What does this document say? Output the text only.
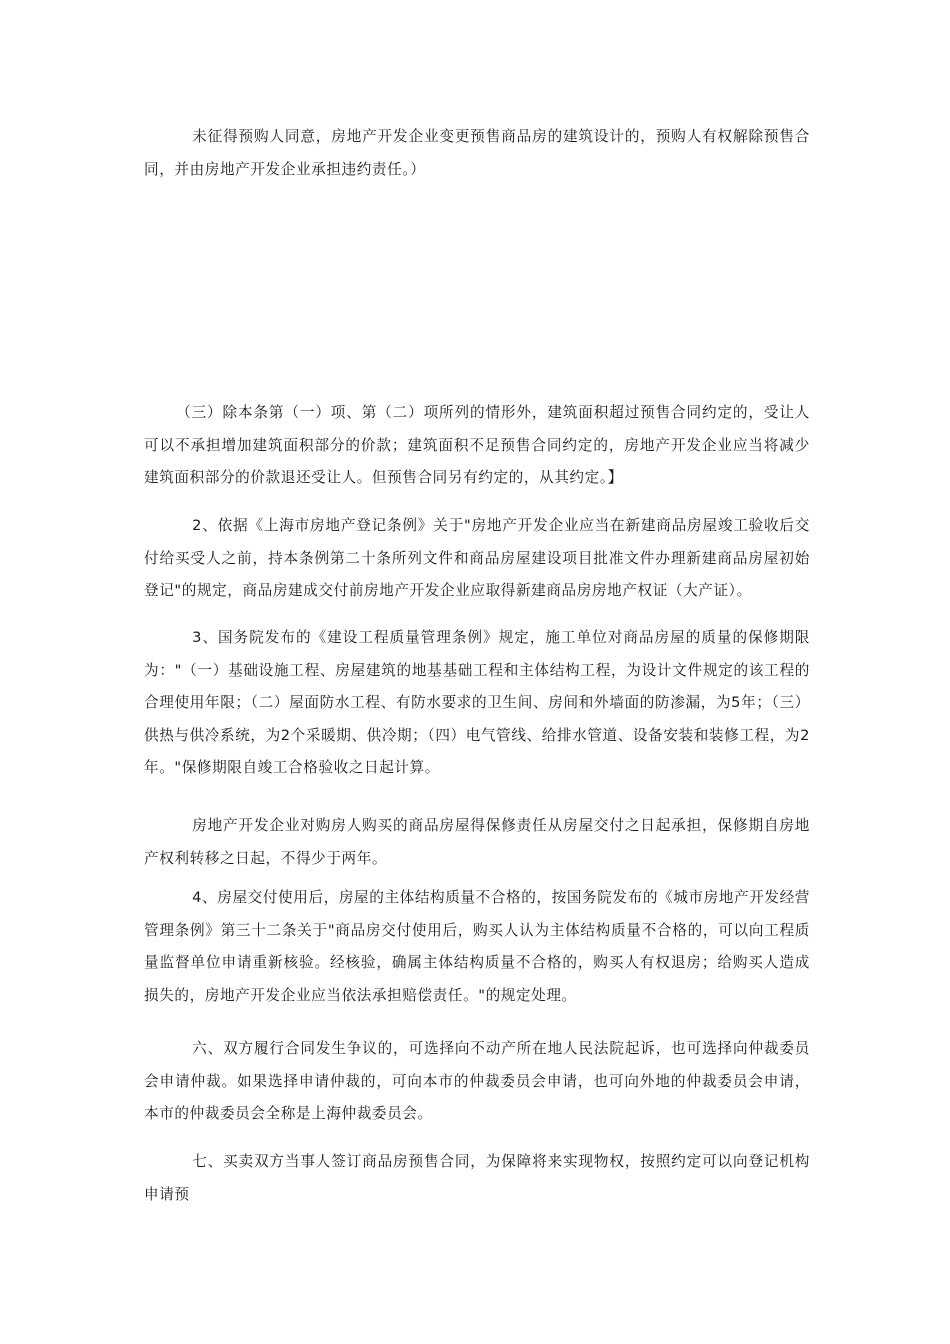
未征得预购人同意，房地产开发企业变更预售商品房的建筑设计的，预购人有权解除预售合同，并由房地产开发企业承担违约责任。）

（三）除本条第（一）项、第（二）项所列的情形外，建筑面积超过预售合同约定的，受让人可以不承担增加建筑面积部分的价款；建筑面积不足预售合同约定的，房地产开发企业应当将减少建筑面积部分的价款退还受让人。但预售合同另有约定的，从其约定。】

2、依据《上海市房地产登记条例》关于"房地产开发企业应当在新建商品房屋竣工验收后交付给买受人之前，持本条例第二十条所列文件和商品房屋建设项目批准文件办理新建商品房屋初始登记"的规定，商品房建成交付前房地产开发企业应取得新建商品房房地产权证（大产证）。

3、国务院发布的《建设工程质量管理条例》规定，施工单位对商品房屋的质量的保修期限为："（一）基础设施工程、房屋建筑的地基基础工程和主体结构工程，为设计文件规定的该工程的合理使用年限；（二）屋面防水工程、有防水要求的卫生间、房间和外墙面的防渗漏，为5年；（三）供热与供冷系统，为2个采暖期、供冷期；（四）电气管线、给排水管道、设备安装和装修工程，为2年。"保修期限自竣工合格验收之日起计算。

房地产开发企业对购房人购买的商品房屋得保修责任从房屋交付之日起承担，保修期自房地产权利转移之日起，不得少于两年。

4、房屋交付使用后，房屋的主体结构质量不合格的，按国务院发布的《城市房地产开发经营管理条例》第三十二条关于"商品房交付使用后，购买人认为主体结构质量不合格的，可以向工程质量监督单位申请重新核验。经核验，确属主体结构质量不合格的，购买人有权退房；给购买人造成损失的，房地产开发企业应当依法承担赔偿责任。"的规定处理。

六、双方履行合同发生争议的，可选择向不动产所在地人民法院起诉，也可选择向仲裁委员会申请仲裁。如果选择申请仲裁的，可向本市的仲裁委员会申请，也可向外地的仲裁委员会申请，本市的仲裁委员会全称是上海仲裁委员会。

七、买卖双方当事人签订商品房预售合同，为保障将来实现物权，按照约定可以向登记机构申请预
